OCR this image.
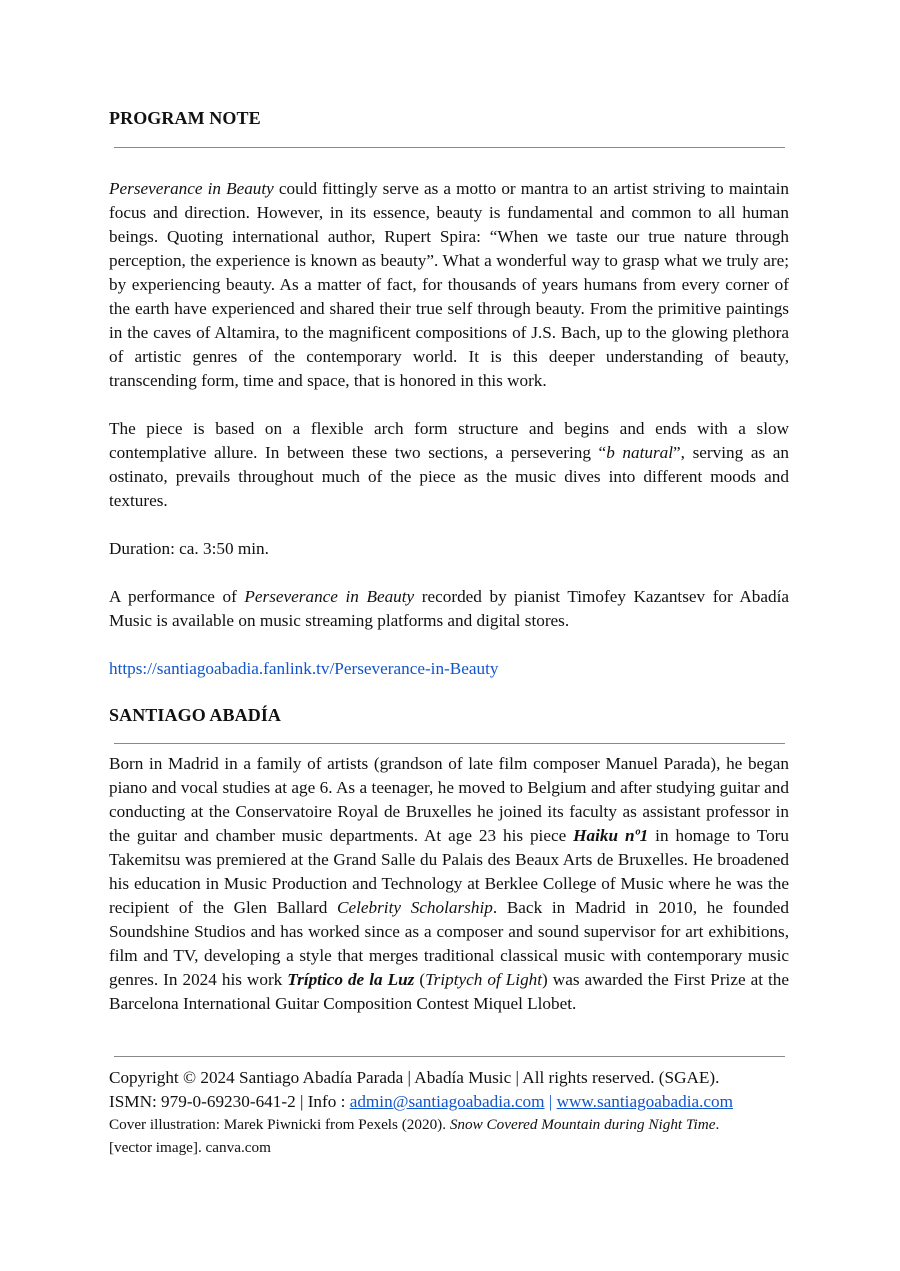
PROGRAM NOTE
Perseverance in Beauty could fittingly serve as a motto or mantra to an artist striving to maintain focus and direction. However, in its essence, beauty is fundamental and common to all human beings. Quoting international author, Rupert Spira: “When we taste our true nature through perception, the experience is known as beauty”. What a wonderful way to grasp what we truly are; by experiencing beauty. As a matter of fact, for thousands of years humans from every corner of the earth have experienced and shared their true self through beauty. From the primitive paintings in the caves of Altamira, to the magnificent compositions of J.S. Bach, up to the glowing plethora of artistic genres of the contemporary world. It is this deeper understanding of beauty, transcending form, time and space, that is honored in this work.
The piece is based on a flexible arch form structure and begins and ends with a slow contemplative allure. In between these two sections, a persevering “b natural”, serving as an ostinato, prevails throughout much of the piece as the music dives into different moods and textures.
Duration: ca. 3:50 min.
A performance of Perseverance in Beauty recorded by pianist Timofey Kazantsev for Abadía Music is available on music streaming platforms and digital stores.
https://santiagoabadia.fanlink.tv/Perseverance-in-Beauty
SANTIAGO ABADÍA
Born in Madrid in a family of artists (grandson of late film composer Manuel Parada), he began piano and vocal studies at age 6. As a teenager, he moved to Belgium and after studying guitar and conducting at the Conservatoire Royal de Bruxelles he joined its faculty as assistant professor in the guitar and chamber music departments. At age 23 his piece Haiku nº1 in homage to Toru Takemitsu was premiered at the Grand Salle du Palais des Beaux Arts de Bruxelles. He broadened his education in Music Production and Technology at Berklee College of Music where he was the recipient of the Glen Ballard Celebrity Scholarship. Back in Madrid in 2010, he founded Soundshine Studios and has worked since as a composer and sound supervisor for art exhibitions, film and TV, developing a style that merges traditional classical music with contemporary music genres. In 2024 his work Tríptico de la Luz (Triptych of Light) was awarded the First Prize at the Barcelona International Guitar Composition Contest Miquel Llobet.
Copyright © 2024 Santiago Abadía Parada | Abadía Music | All rights reserved. (SGAE).
ISMN: 979-0-69230-641-2 | Info : admin@santiagoabadia.com | www.santiagoabadia.com
Cover illustration: Marek Piwnicki from Pexels (2020). Snow Covered Mountain during Night Time.
[vector image]. canva.com
